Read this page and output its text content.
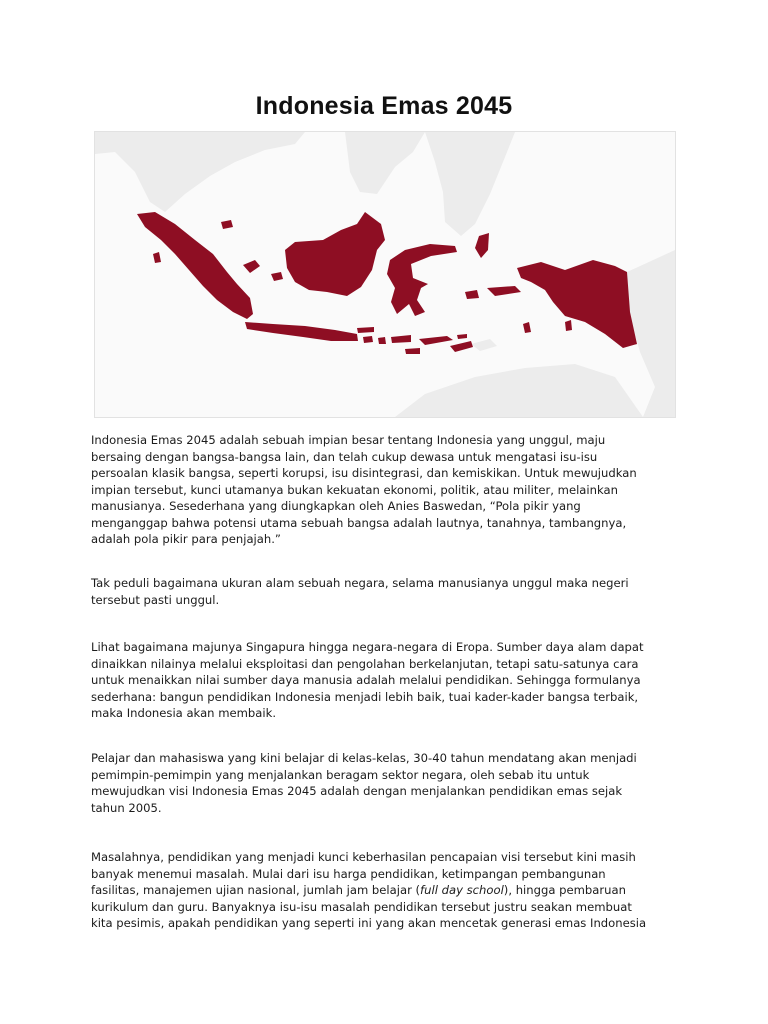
Indonesia Emas 2045

Indonesia Emas 2045 adalah sebuah impian besar tentang Indonesia yang unggul, maju
bersaing dengan bangsa-bangsa lain, dan telah cukup dewasa untuk mengatasi isu-isu
persoalan klasik bangsa, seperti korupsi, isu disintegrasi, dan kemiskikan. Untuk mewujudkan
impian tersebut, kunci utamanya bukan kekuatan ekonomi, politik, atau militer, melainkan
manusianya. Sesederhana yang diungkapkan oleh Anies Baswedan, “Pola pikir yang
menganggap bahwa potensi utama sebuah bangsa adalah lautnya, tanahnya, tambangnya,
adalah pola pikir para penjajah.”

Tak peduli bagaimana ukuran alam sebuah negara, selama manusianya unggul maka negeri
tersebut pasti unggul.

Lihat bagaimana majunya Singapura hingga negara-negara di Eropa. Sumber daya alam dapat
dinaikkan nilainya melalui eksploitasi dan pengolahan berkelanjutan, tetapi satu-satunya cara
untuk menaikkan nilai sumber daya manusia adalah melalui pendidikan. Sehingga formulanya
sederhana: bangun pendidikan Indonesia menjadi lebih baik, tuai kader-kader bangsa terbaik,
maka Indonesia akan membaik.

Pelajar dan mahasiswa yang kini belajar di kelas-kelas, 30-40 tahun mendatang akan menjadi
pemimpin-pemimpin yang menjalankan beragam sektor negara, oleh sebab itu untuk
mewujudkan visi Indonesia Emas 2045 adalah dengan menjalankan pendidikan emas sejak
tahun 2005.

Masalahnya, pendidikan yang menjadi kunci keberhasilan pencapaian visi tersebut kini masih
banyak menemui masalah. Mulai dari isu harga pendidikan, ketimpangan pembangunan
fasilitas, manajemen ujian nasional, jumlah jam belajar (full day school), hingga pembaruan
kurikulum dan guru. Banyaknya isu-isu masalah pendidikan tersebut justru seakan membuat
kita pesimis, apakah pendidikan yang seperti ini yang akan mencetak generasi emas Indonesia
